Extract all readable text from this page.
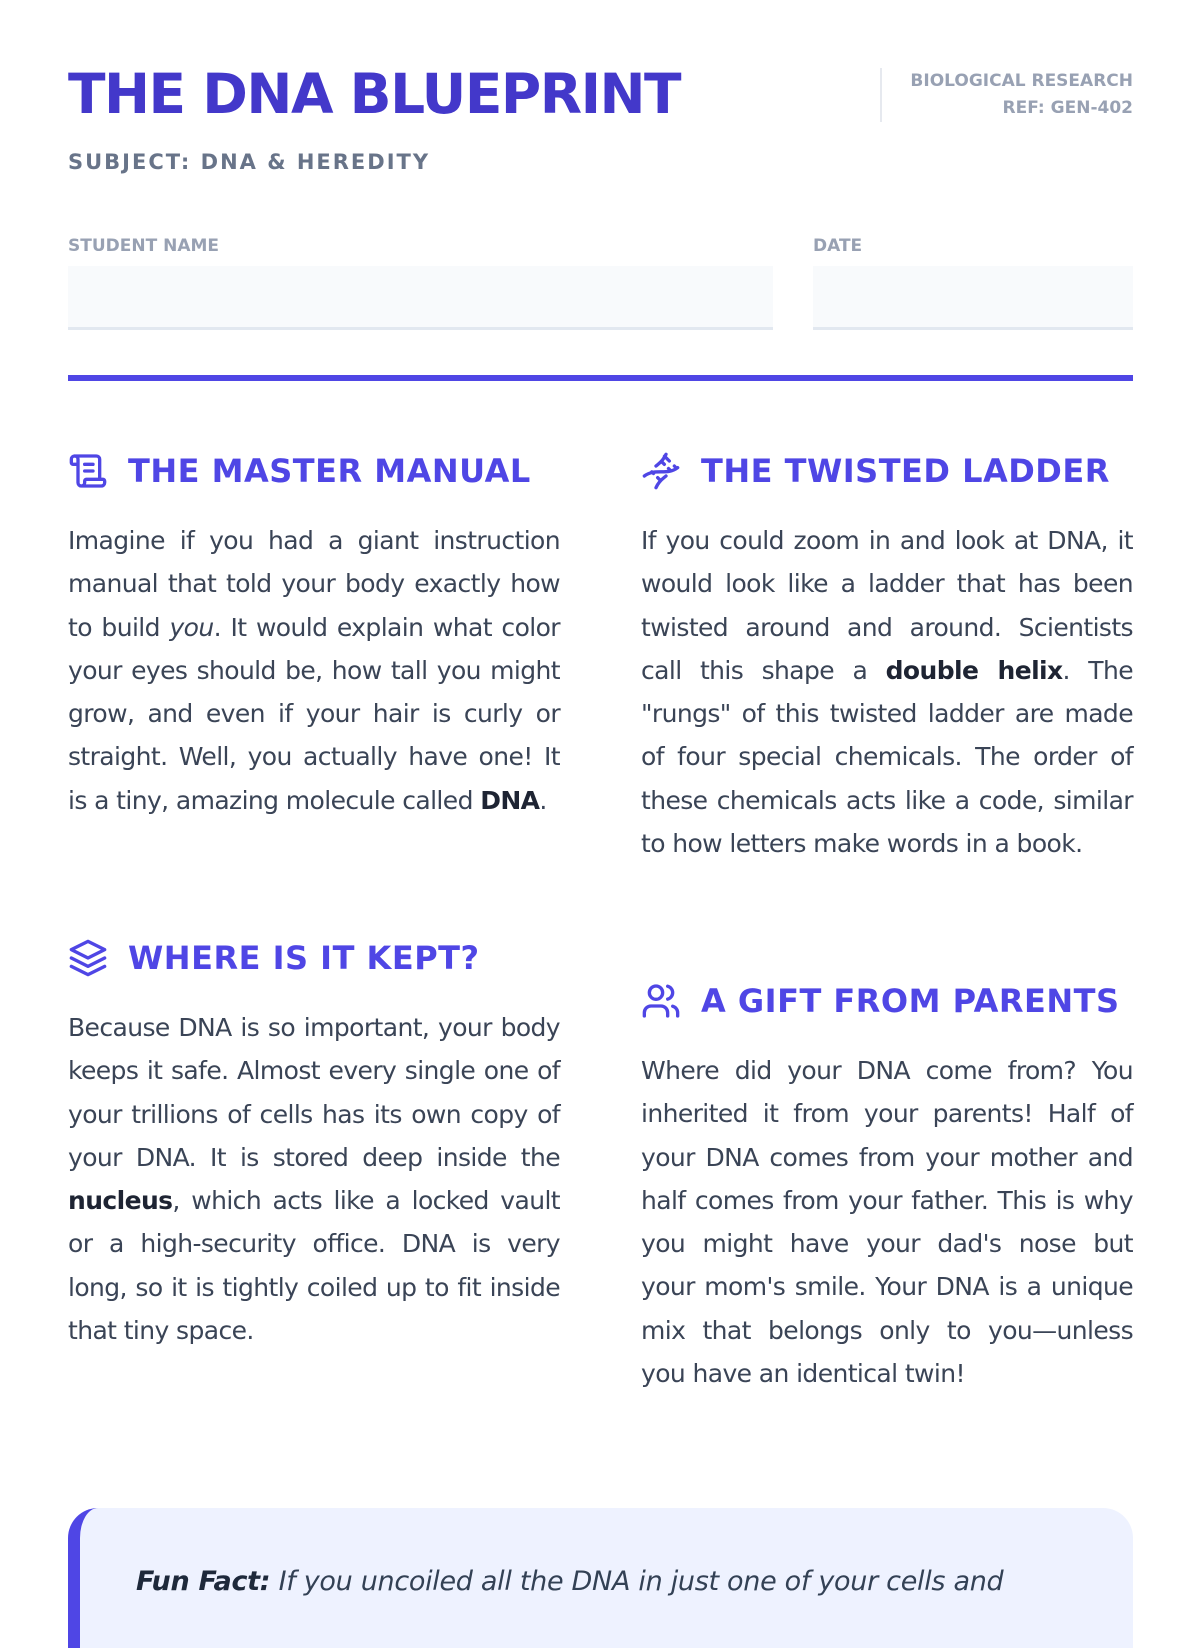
THE DNA BLUEPRINT
SUBJECT: DNA & HEREDITY
BIOLOGICAL RESEARCH
REF: GEN-402
STUDENT NAME	DATE
THE MASTER MANUAL

Imagine if you had a giant instruction manual that told your body exactly how to build you. It would explain what color your eyes should be, how tall you might grow, and even if your hair is curly or straight. Well, you actually have one! It is a tiny, amazing molecule called DNA.

THE TWISTED LADDER

If you could zoom in and look at DNA, it would look like a ladder that has been twisted around and around. Scientists call this shape a double helix. The "rungs" of this twisted ladder are made of four special chemicals. The order of these chemicals acts like a code, similar to how letters make words in a book.

WHERE IS IT KEPT?

Because DNA is so important, your body keeps it safe. Almost every single one of your trillions of cells has its own copy of your DNA. It is stored deep inside the nucleus, which acts like a locked vault or a high-security office. DNA is very long, so it is tightly coiled up to fit inside that tiny space.

A GIFT FROM PARENTS

Where did your DNA come from? You inherited it from your parents! Half of your DNA comes from your mother and half comes from your father. This is why you might have your dad's nose but your mom's smile. Your DNA is a unique mix that belongs only to you—unless you have an identical twin!

Fun Fact: If you uncoiled all the DNA in just one of your cells and
